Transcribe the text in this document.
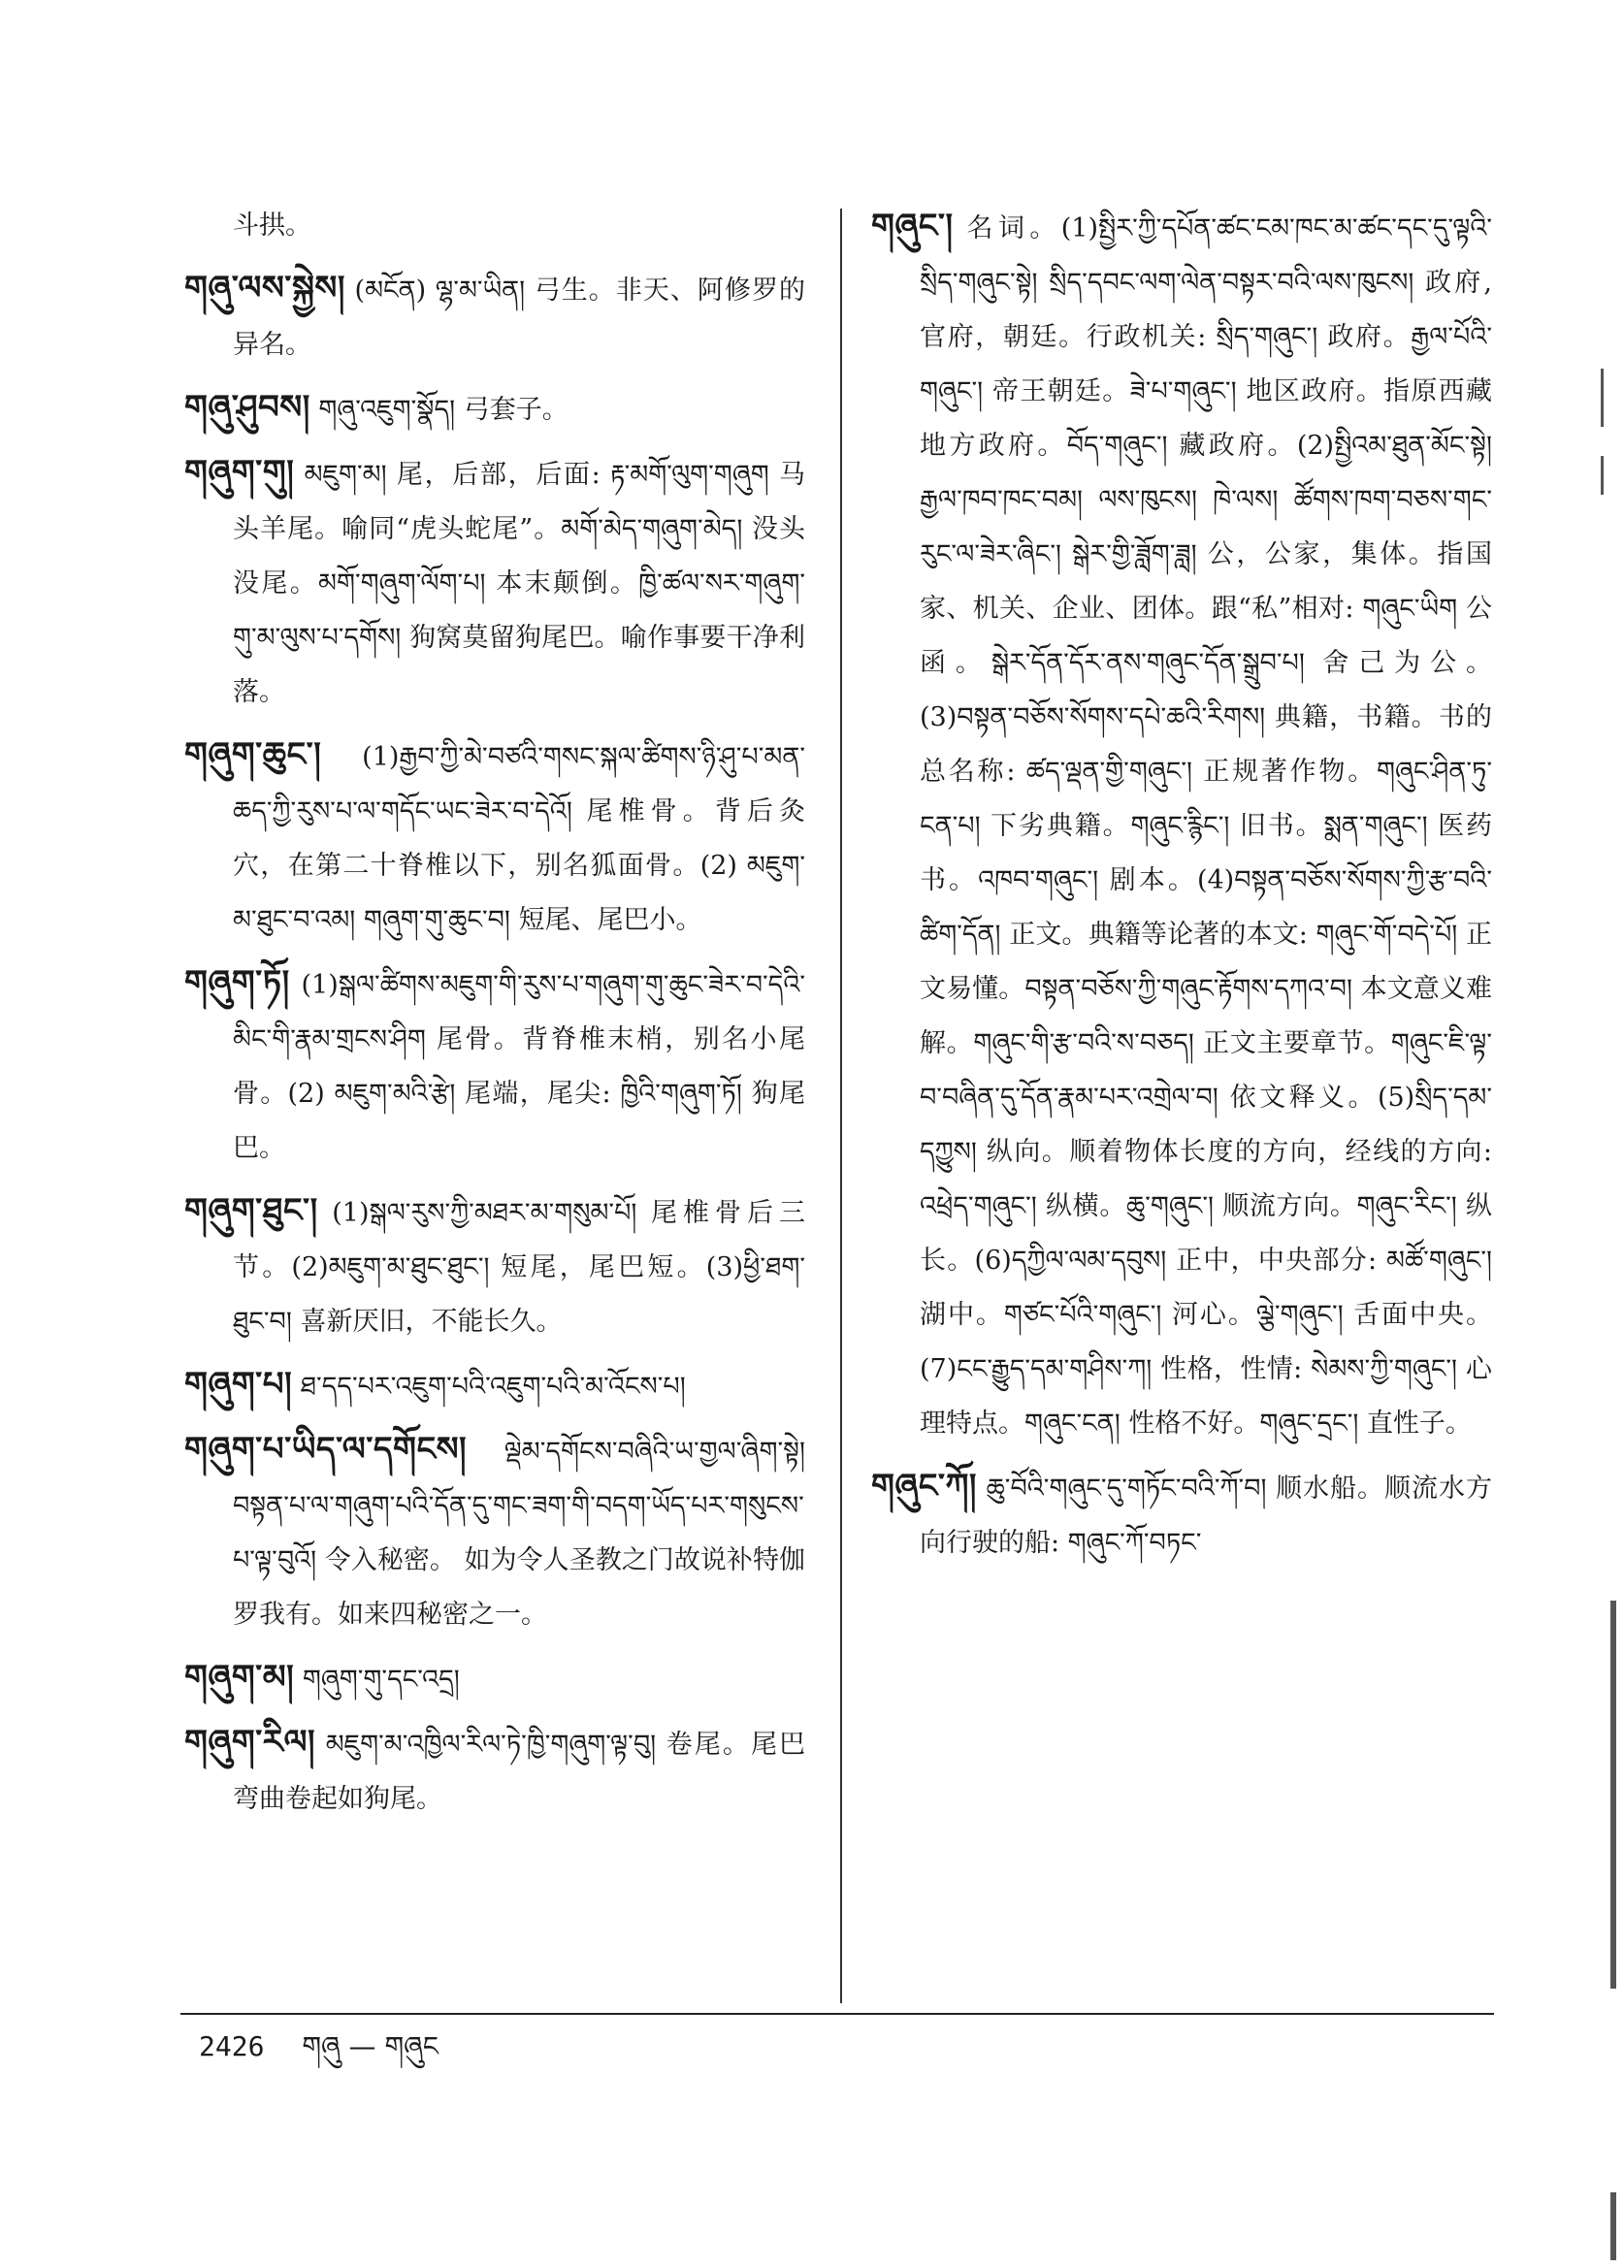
斗拱。
གཞུ་ལས་སྐྱེས། (མངོན) ལྷ་མ་ཡིན། 弓生。非天、阿修罗的异名。
གཞུ་ཤུབས། གཞུ་འཇུག་སྣོད། 弓套子。
གཞུག་གུ། མཇུག་མ། 尾，后部，后面: རྟ་མགོ་ལུག་གཞུག 马头羊尾。喻同“虎头蛇尾”。མགོ་མེད་གཞུག་མེད། 没头没尾。མགོ་གཞུག་ལོག་པ། 本末颠倒。ཁྱི་ཚལ་སར་གཞུག་གུ་མ་ལུས་པ་དགོས། 狗窝莫留狗尾巴。喻作事要干净利落。
གཞུག་ཆུང་། (1)རྒྱབ་ཀྱི་མེ་བཙའི་གསང་སྐལ་ཚིགས་ཉི་ཤུ་པ་མན་ཆད་ཀྱི་རུས་པ་ལ་གདོང་ཡང་ཟེར་བ་དེའོ། 尾椎骨。背后灸穴，在第二十脊椎以下，别名狐面骨。(2) མཇུག་མ་ཐུང་བ་འམ། གཞུག་གུ་ཆུང་བ། 短尾、尾巴小。
གཞུག་ཏོ། (1)སྒལ་ཚིགས་མཇུག་གི་རུས་པ་གཞུག་གུ་ཆུང་ཟེར་བ་དེའི་མིང་གི་རྣམ་གྲངས་ཤིག 尾骨。背脊椎末梢，别名小尾骨。(2) མཇུག་མའི་རྩེ། 尾端，尾尖: ཁྱིའི་གཞུག་ཏོ། 狗尾巴。
གཞུག་ཐུང་། (1)སྒལ་རུས་ཀྱི་མཐར་མ་གསུམ་པོ། 尾椎骨后三节。(2)མཇུག་མ་ཐུང་ཐུང་། 短尾，尾巴短。(3)ཕྱི་ཐག་ཐུང་བ། 喜新厌旧，不能长久。
གཞུག་པ། ཐ་དད་པར་འཇུག་པའི་འཇུག་པའི་མ་འོངས་པ།
གཞུག་པ་ཡིད་ལ་དགོངས། ལྡེམ་དགོངས་བཞིའི་ཡ་གྱལ་ཞིག་སྟེ། བསྟན་པ་ལ་གཞུག་པའི་དོན་དུ་གང་ཟག་གི་བདག་ཡོད་པར་གསུངས་པ་ལྟ་བུའོ། 令入秘密。 如为令人圣教之门故说补特伽罗我有。如来四秘密之一。
གཞུག་མ། གཞུག་གུ་དང་འདྲ།
གཞུག་རིལ། མཇུག་མ་འཁྱིལ་རིལ་ཏེ་ཁྱི་གཞུག་ལྟ་བུ། 卷尾。尾巴弯曲卷起如狗尾。
གཞུང་། 名词。(1)སྤྱིར་ཀྱི་དཔོན་ཚང་ངམ་ཁང་མ་ཚང་དང་དུ་ལྟའི་སྲིད་གཞུང་སྟེ། སྲིད་དབང་ལག་ལེན་བསྟར་བའི་ལས་ཁུངས། 政府,官府，朝廷。行政机关: སྲིད་གཞུང་། 政府。རྒྱལ་པོའི་གཞུང་། 帝王朝廷。ཟེ་པ་གཞུང་། 地区政府。指原西藏地方政府。བོད་གཞུང་། 藏政府。(2)སྤྱིའམ་ཐུན་མོང་སྟེ། རྒྱལ་ཁབ་ཁང་བམ། ལས་ཁུངས། ཁེ་ལས། ཚོགས་ཁག་བཅས་གང་རུང་ལ་ཟེར་ཞིང་། སྒེར་གྱི་ཟློག་ཟླ། 公，公家，集体。指国家、机关、企业、团体。跟“私”相对: གཞུང་ཡིག 公函。སྒེར་དོན་དོར་ནས་གཞུང་དོན་སྒྲུབ་པ། 舍己为公。(3)བསྟན་བཅོས་སོགས་དཔེ་ཆའི་རིགས། 典籍，书籍。书的总名称: ཚད་ལྡན་གྱི་གཞུང་། 正规著作物。གཞུང་ཤིན་ཏུ་ངན་པ། 下劣典籍。གཞུང་རྙིང་། 旧书。སྨན་གཞུང་། 医药书。འཁབ་གཞུང་། 剧本。(4)བསྟན་བཅོས་སོགས་ཀྱི་རྩ་བའི་ཚིག་དོན། 正文。典籍等论著的本文: གཞུང་གོ་བདེ་པོ། 正文易懂。བསྟན་བཅོས་ཀྱི་གཞུང་རྟོགས་དཀའ་བ། 本文意义难解。གཞུང་གི་རྩ་བའི་ས་བཅད། 正文主要章节。གཞུང་ཇི་ལྟ་བ་བཞིན་དུ་དོན་རྣམ་པར་འགྲེལ་བ། 依文释义。(5)སྲིད་དམ་དཀྱུས། 纵向。顺着物体长度的方向，经线的方向: འཕྲེད་གཞུང་། 纵横。ཆུ་གཞུང་། 顺流方向。གཞུང་རིང་། 纵长。(6)དཀྱིལ་ལམ་དབུས། 正中，中央部分: མཚོ་གཞུང་། 湖中。གཙང་པོའི་གཞུང་། 河心。ལྕེ་གཞུང་། 舌面中央。(7)ངང་རྒྱུད་དམ་གཤིས་ཀ། 性格，性情: སེམས་ཀྱི་གཞུང་། 心理特点。གཞུང་ངན། 性格不好。གཞུང་དྲང་། 直性子。
གཞུང་ཀོ། ཆུ་བོའི་གཞུང་དུ་གཏོང་བའི་ཀོ་བ། 顺水船。顺流水方向行驶的船: གཞུང་ཀོ་བཏང་
2426 གཞུ — གཞུང
